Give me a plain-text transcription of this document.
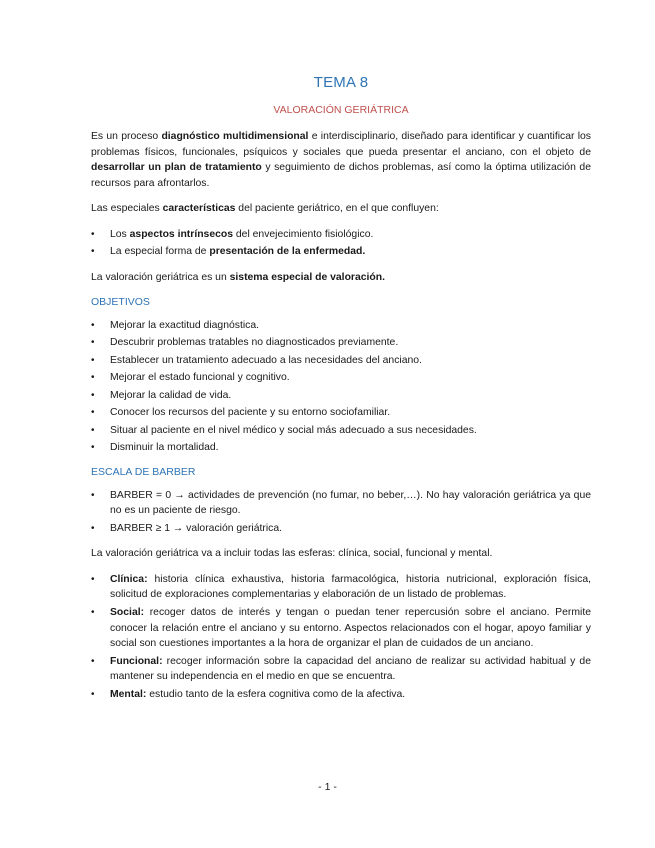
TEMA 8
VALORACIÓN GERIÁTRICA

Es un proceso diagnóstico multidimensional e interdisciplinario, diseñado para identificar y cuantificar los problemas físicos, funcionales, psíquicos y sociales que pueda presentar el anciano, con el objeto de desarrollar un plan de tratamiento y seguimiento de dichos problemas, así como la óptima utilización de recursos para afrontarlos.

Las especiales características del paciente geriátrico, en el que confluyen:

• Los aspectos intrínsecos del envejecimiento fisiológico.
• La especial forma de presentación de la enfermedad.

La valoración geriátrica es un sistema especial de valoración.

OBJETIVOS
• Mejorar la exactitud diagnóstica.
• Descubrir problemas tratables no diagnosticados previamente.
• Establecer un tratamiento adecuado a las necesidades del anciano.
• Mejorar el estado funcional y cognitivo.
• Mejorar la calidad de vida.
• Conocer los recursos del paciente y su entorno sociofamiliar.
• Situar al paciente en el nivel médico y social más adecuado a sus necesidades.
• Disminuir la mortalidad.
ESCALA DE BARBER
• BARBER = 0 → actividades de prevención (no fumar, no beber,…). No hay valoración geriátrica ya que no es un paciente de riesgo.
• BARBER ≥ 1 → valoración geriátrica.

La valoración geriátrica va a incluir todas las esferas: clínica, social, funcional y mental.

• Clínica: historia clínica exhaustiva, historia farmacológica, historia nutricional, exploración física, solicitud de exploraciones complementarias y elaboración de un listado de problemas.
• Social: recoger datos de interés y tengan o puedan tener repercusión sobre el anciano. Permite conocer la relación entre el anciano y su entorno. Aspectos relacionados con el hogar, apoyo familiar y social son cuestiones importantes a la hora de organizar el plan de cuidados de un anciano.
• Funcional: recoger información sobre la capacidad del anciano de realizar su actividad habitual y de mantener su independencia en el medio en que se encuentra.
• Mental: estudio tanto de la esfera cognitiva como de la afectiva.
- 1 -
